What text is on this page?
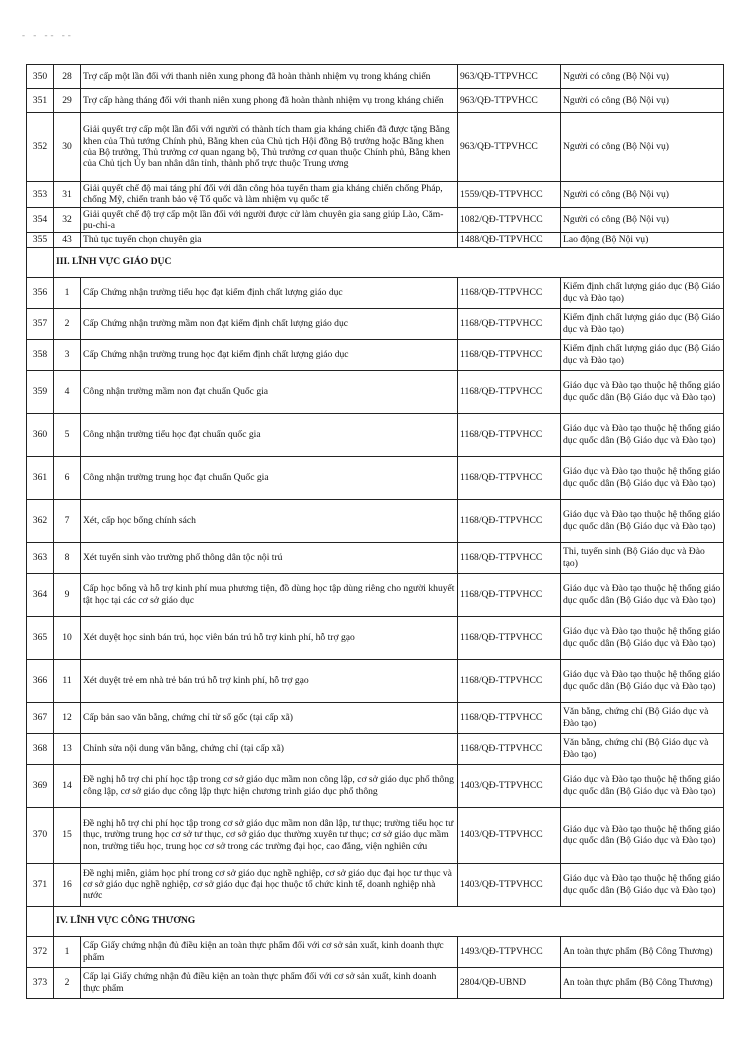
- - -- --
350	28	Trợ cấp một lần đối với thanh niên xung phong đã hoàn thành nhiệm vụ trong kháng chiến	963/QĐ-TTPVHCC	Người có công (Bộ Nội vụ)
351	29	Trợ cấp hàng tháng đối với thanh niên xung phong đã hoàn thành nhiệm vụ trong kháng chiến	963/QĐ-TTPVHCC	Người có công (Bộ Nội vụ)
352	30	Giải quyết trợ cấp một lần đối với người có thành tích tham gia kháng chiến đã được tặng Bằng khen của Thủ tướng Chính phủ, Bằng khen của Chủ tịch Hội đồng Bộ trưởng hoặc Bằng khen của Bộ trưởng, Thủ trưởng cơ quan ngang bộ, Thủ trưởng cơ quan thuộc Chính phủ, Bằng khen của Chủ tịch Ủy ban nhân dân tỉnh, thành phố trực thuộc Trung ương	963/QĐ-TTPVHCC	Người có công (Bộ Nội vụ)
353	31	Giải quyết chế độ mai táng phí đối với dân công hỏa tuyến tham gia kháng chiến chống Pháp, chống Mỹ, chiến tranh bảo vệ Tổ quốc và làm nhiệm vụ quốc tế	1559/QĐ-TTPVHCC	Người có công (Bộ Nội vụ)
354	32	Giải quyết chế độ trợ cấp một lần đối với người được cử làm chuyên gia sang giúp Lào, Căm-pu-chi-a	1082/QĐ-TTPVHCC	Người có công (Bộ Nội vụ)
355	43	Thủ tục tuyển chọn chuyên gia	1488/QĐ-TTPVHCC	Lao động (Bộ Nội vụ)
	III. LĨNH VỰC GIÁO DỤC			
356	1	Cấp Chứng nhận trường tiểu học đạt kiểm định chất lượng giáo dục	1168/QĐ-TTPVHCC	Kiểm định chất lượng giáo dục (Bộ Giáo dục và Đào tạo)
357	2	Cấp Chứng nhận trường mầm non đạt kiểm định chất lượng giáo dục	1168/QĐ-TTPVHCC	Kiểm định chất lượng giáo dục (Bộ Giáo dục và Đào tạo)
358	3	Cấp Chứng nhận trường trung học đạt kiểm định chất lượng giáo dục	1168/QĐ-TTPVHCC	Kiểm định chất lượng giáo dục (Bộ Giáo dục và Đào tạo)
359	4	Công nhận trường mầm non đạt chuẩn Quốc gia	1168/QĐ-TTPVHCC	Giáo dục và Đào tạo thuộc hệ thống giáo dục quốc dân (Bộ Giáo dục và Đào tạo)
360	5	Công nhận trường tiểu học đạt chuẩn quốc gia	1168/QĐ-TTPVHCC	Giáo dục và Đào tạo thuộc hệ thống giáo dục quốc dân (Bộ Giáo dục và Đào tạo)
361	6	Công nhận trường trung học đạt chuẩn Quốc gia	1168/QĐ-TTPVHCC	Giáo dục và Đào tạo thuộc hệ thống giáo dục quốc dân (Bộ Giáo dục và Đào tạo)
362	7	Xét, cấp học bổng chính sách	1168/QĐ-TTPVHCC	Giáo dục và Đào tạo thuộc hệ thống giáo dục quốc dân (Bộ Giáo dục và Đào tạo)
363	8	Xét tuyển sinh vào trường phổ thông dân tộc nội trú	1168/QĐ-TTPVHCC	Thi, tuyển sinh (Bộ Giáo dục và Đào tạo)
364	9	Cấp học bổng và hỗ trợ kinh phí mua phương tiện, đồ dùng học tập dùng riêng cho người khuyết tật học tại các cơ sở giáo dục	1168/QĐ-TTPVHCC	Giáo dục và Đào tạo thuộc hệ thống giáo dục quốc dân (Bộ Giáo dục và Đào tạo)
365	10	Xét duyệt học sinh bán trú, học viên bán trú hỗ trợ kinh phí, hỗ trợ gạo	1168/QĐ-TTPVHCC	Giáo dục và Đào tạo thuộc hệ thống giáo dục quốc dân (Bộ Giáo dục và Đào tạo)
366	11	Xét duyệt trẻ em nhà trẻ bán trú hỗ trợ kinh phí, hỗ trợ gạo	1168/QĐ-TTPVHCC	Giáo dục và Đào tạo thuộc hệ thống giáo dục quốc dân (Bộ Giáo dục và Đào tạo)
367	12	Cấp bản sao văn bằng, chứng chỉ từ sổ gốc (tại cấp xã)	1168/QĐ-TTPVHCC	Văn bằng, chứng chỉ (Bộ Giáo dục và Đào tạo)
368	13	Chỉnh sửa nội dung văn bằng, chứng chỉ (tại cấp xã)	1168/QĐ-TTPVHCC	Văn bằng, chứng chỉ (Bộ Giáo dục và Đào tạo)
369	14	Đề nghị hỗ trợ chi phí học tập trong cơ sở giáo dục mầm non công lập, cơ sở giáo dục phổ thông công lập, cơ sở giáo dục công lập thực hiện chương trình giáo dục phổ thông	1403/QĐ-TTPVHCC	Giáo dục và Đào tạo thuộc hệ thống giáo dục quốc dân (Bộ Giáo dục và Đào tạo)
370	15	Đề nghị hỗ trợ chi phí học tập trong cơ sở giáo dục mầm non dân lập, tư thục; trường tiểu học tư thục, trường trung học cơ sở tư thục, cơ sở giáo dục thường xuyên tư thục; cơ sở giáo dục mầm non, trường tiểu học, trung học cơ sở trong các trường đại học, cao đẳng, viện nghiên cứu	1403/QĐ-TTPVHCC	Giáo dục và Đào tạo thuộc hệ thống giáo dục quốc dân (Bộ Giáo dục và Đào tạo)
371	16	Đề nghị miễn, giảm học phí trong cơ sở giáo dục nghề nghiệp, cơ sở giáo dục đại học tư thục và cơ sở giáo dục nghề nghiệp, cơ sở giáo dục đại học thuộc tổ chức kinh tế, doanh nghiệp nhà nước	1403/QĐ-TTPVHCC	Giáo dục và Đào tạo thuộc hệ thống giáo dục quốc dân (Bộ Giáo dục và Đào tạo)
	IV. LĨNH VỰC CÔNG THƯƠNG			
372	1	Cấp Giấy chứng nhận đủ điều kiện an toàn thực phẩm đối với cơ sở sản xuất, kinh doanh thực phẩm	1493/QĐ-TTPVHCC	An toàn thực phẩm (Bộ Công Thương)
373	2	Cấp lại Giấy chứng nhận đủ điều kiện an toàn thực phẩm đối với cơ sở sản xuất, kinh doanh thực phẩm	2804/QĐ-UBND	An toàn thực phẩm (Bộ Công Thương)
